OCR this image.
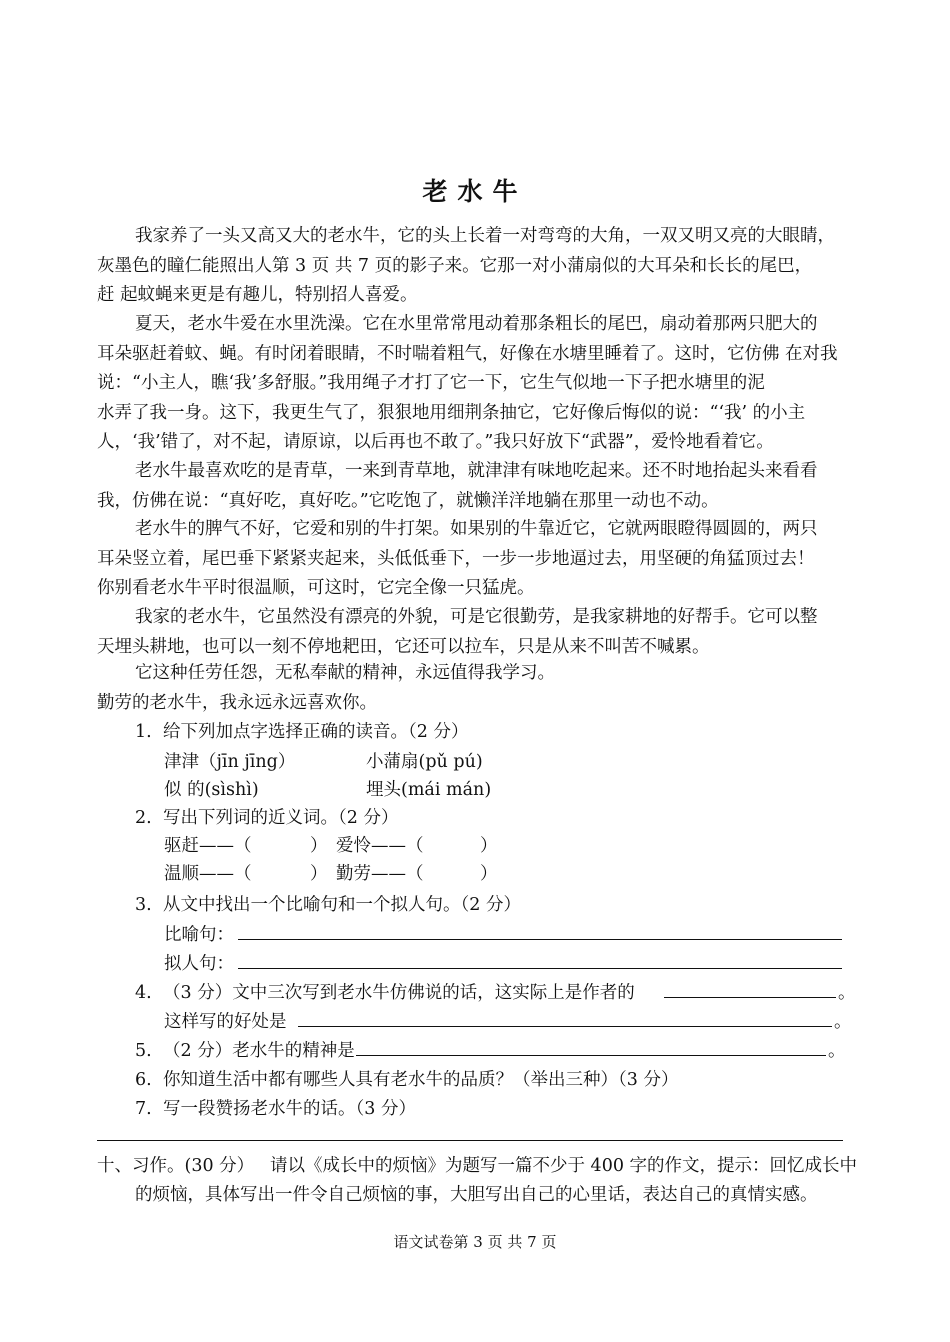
老水牛
我家养了一头又高又大的老水牛，它的头上长着一对弯弯的大角，一双又明又亮的大眼睛，
灰墨色的瞳仁能照出人第 3 页 共 7 页的影子来。它那一对小蒲扇似的大耳朵和长长的尾巴，
赶 起蚊蝇来更是有趣儿，特别招人喜爱。
夏天，老水牛爱在水里洗澡。它在水里常常甩动着那条粗长的尾巴，扇动着那两只肥大的
耳朵驱赶着蚊、蝇。有时闭着眼睛，不时喘着粗气，好像在水塘里睡着了。这时，它仿佛 在对我
说：“小主人，瞧‘我’多舒服。”我用绳子才打了它一下，它生气似地一下子把水塘里的泥
水弄了我一身。这下，我更生气了，狠狠地用细荆条抽它，它好像后悔似的说：“‘我’ 的小主
人，‘我’错了，对不起，请原谅，以后再也不敢了。”我只好放下“武器”，爱怜地看着它。
老水牛最喜欢吃的是青草，一来到青草地，就津津有味地吃起来。还不时地抬起头来看看
我，仿佛在说：“真好吃，真好吃。”它吃饱了，就懒洋洋地躺在那里一动也不动。
老水牛的脾气不好，它爱和别的牛打架。如果别的牛靠近它，它就两眼瞪得圆圆的，两只
耳朵竖立着，尾巴垂下紧紧夹起来，头低低垂下，一步一步地逼过去，用坚硬的角猛顶过去！
你别看老水牛平时很温顺，可这时，它完全像一只猛虎。
我家的老水牛，它虽然没有漂亮的外貌，可是它很勤劳，是我家耕地的好帮手。它可以整
天埋头耕地，也可以一刻不停地耙田，它还可以拉车，只是从来不叫苦不喊累。
它这种任劳任怨，无私奉献的精神，永远值得我学习。
勤劳的老水牛，我永远永远喜欢你。
1. 给下列加点字选择正确的读音。（2 分）
津津（jīn jīng）	小蒲扇(pǔ pú)
似 的(sìshì)	埋头(mái mán)
2. 写出下列词的近义词。（2 分）
驱赶——（	） 爱怜——（	）
温顺——（	） 勤劳——（	）
3. 从文中找出一个比喻句和一个拟人句。（2 分）
比喻句：
拟人句：
4. （3 分）文中三次写到老水牛仿佛说的话，这实际上是作者的	。
这样写的好处是	。
5. （2 分）老水牛的精神是	。
6. 你知道生活中都有哪些人具有老水牛的品质？（举出三种）（3 分）
7. 写一段赞扬老水牛的话。（3 分）
十、习作。(30 分） 请以《成长中的烦恼》为题写一篇不少于 400 字的作文，提示：回忆成长中
的烦恼，具体写出一件令自己烦恼的事，大胆写出自己的心里话，表达自己的真情实感。
语文试卷第 3 页 共 7 页
